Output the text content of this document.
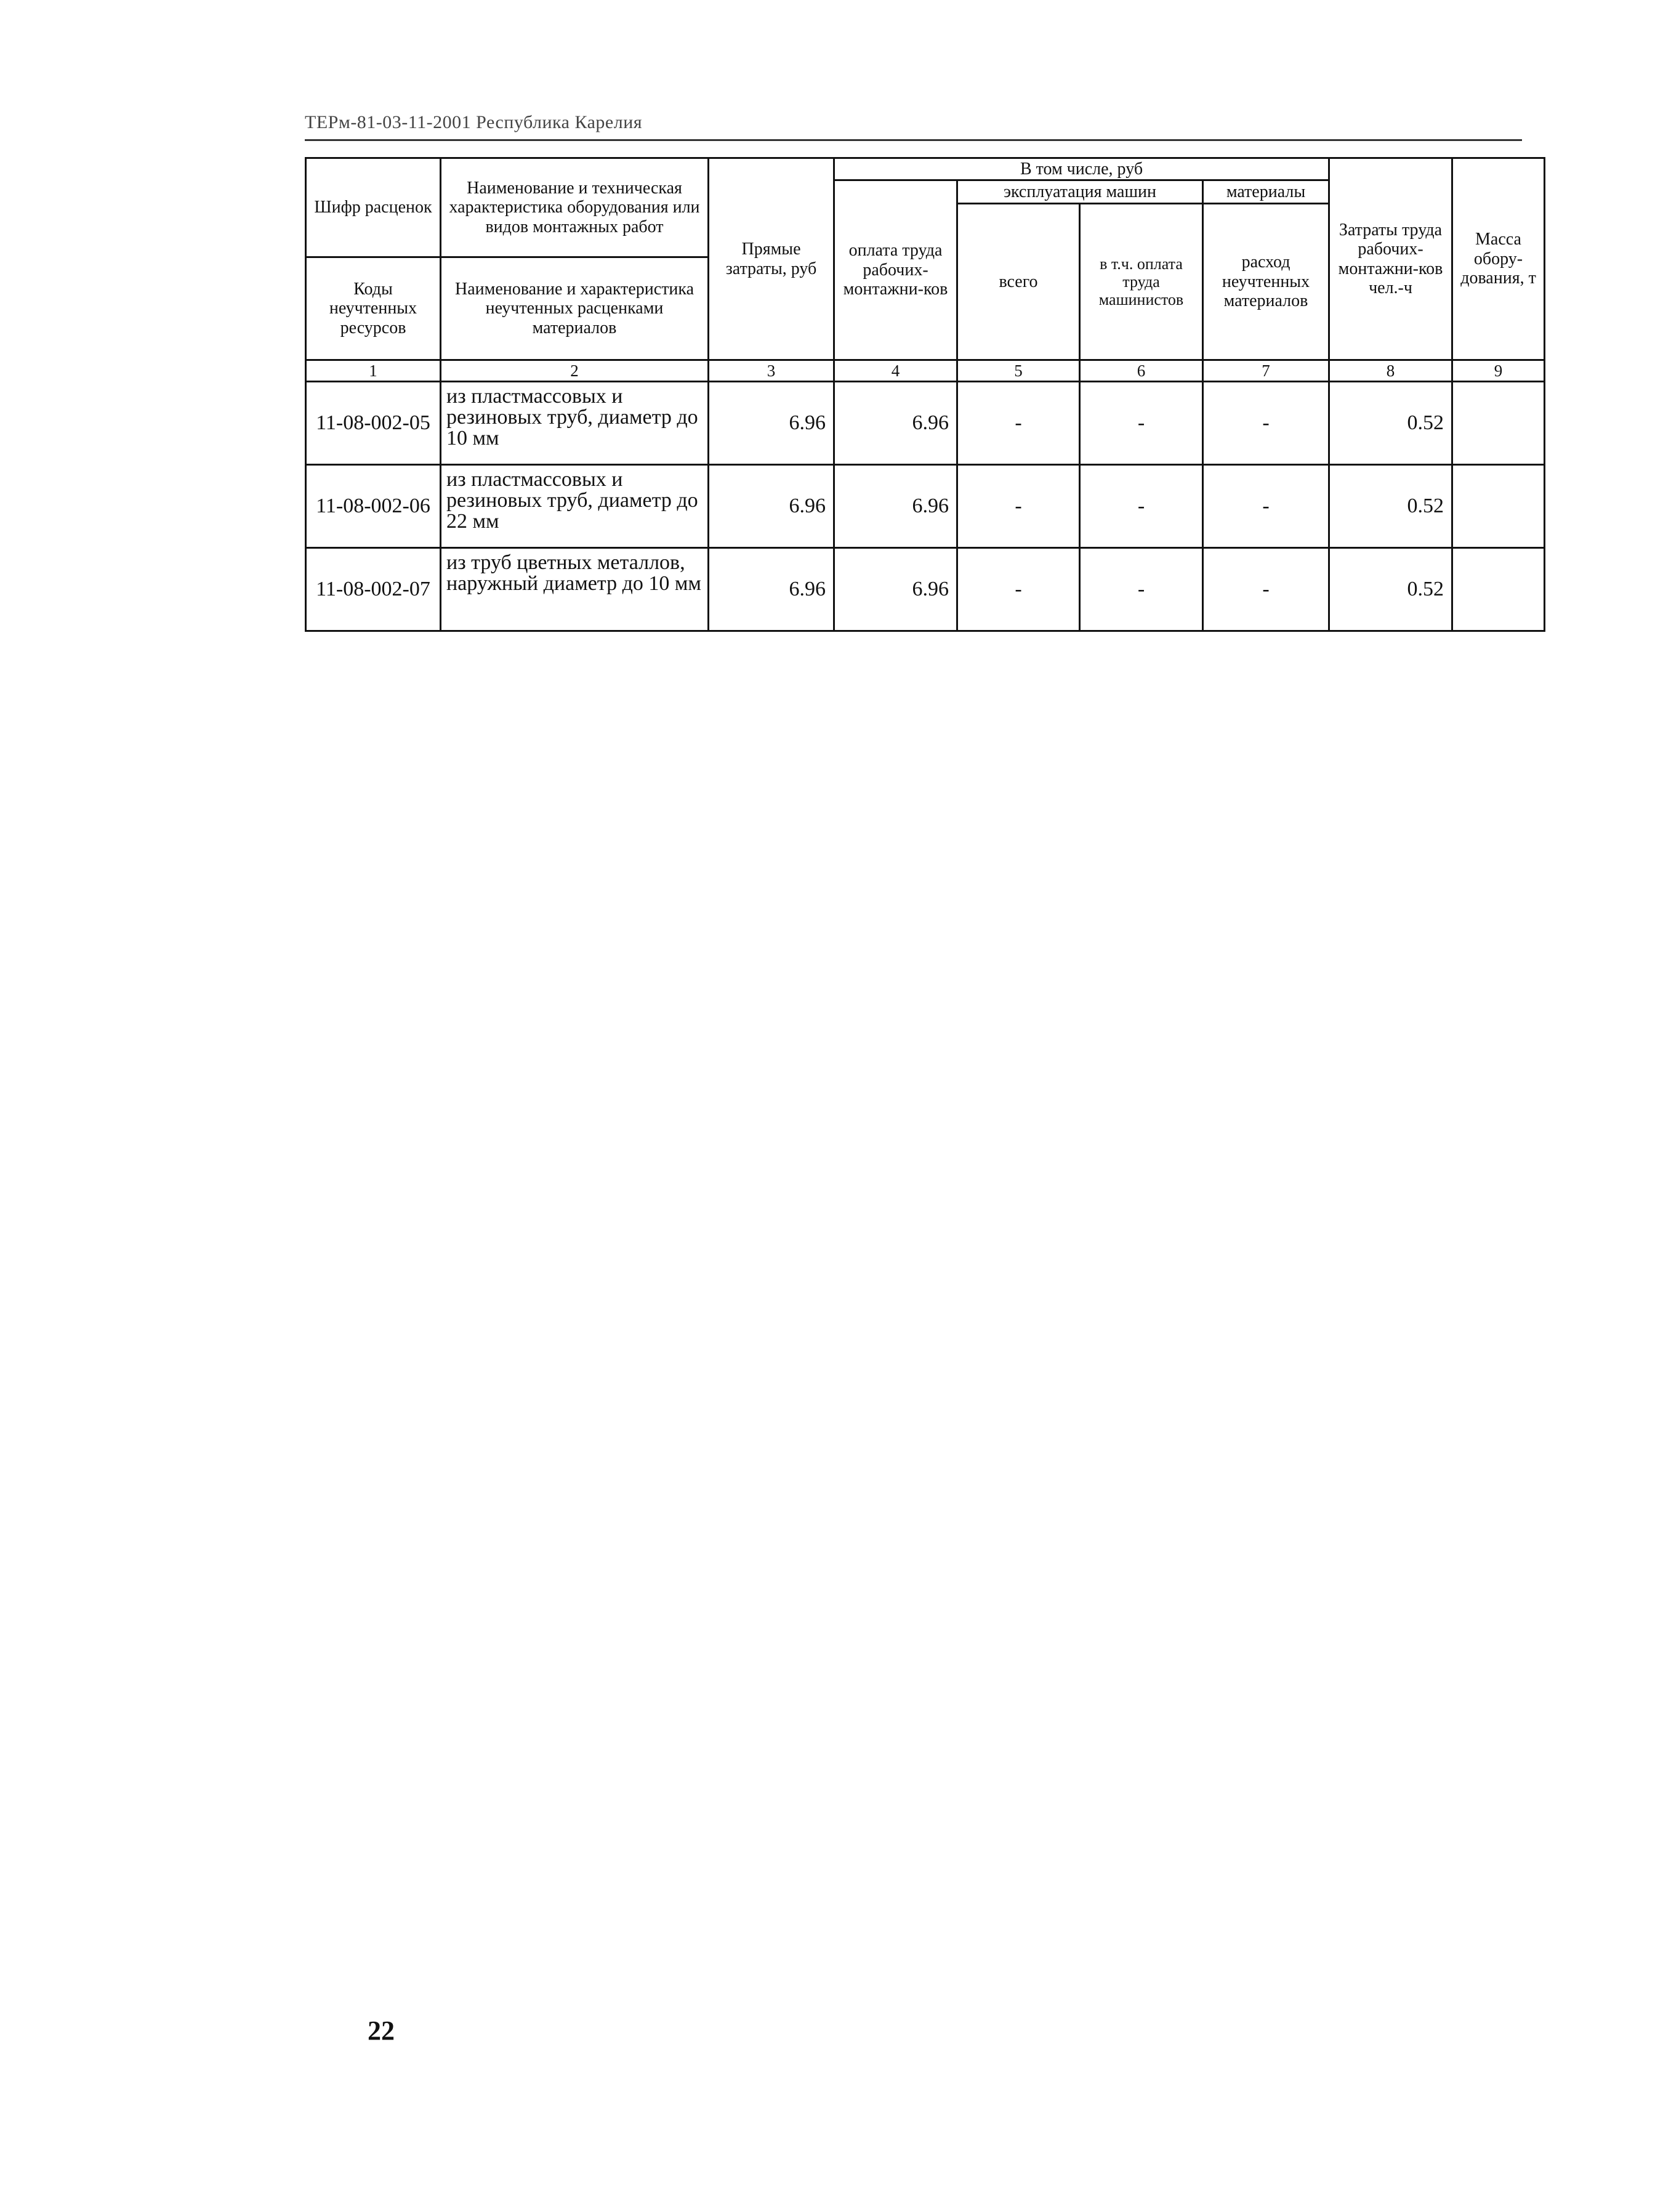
ТЕРм-81-03-11-2001 Республика Карелия
Шифр расценок	Наименование и техническая характеристика оборудования или видов монтажных работ	Прямые затраты, руб	В том числе, руб				Затраты труда рабочих-монтажни-ков чел.-ч	Масса обору-дования, т
			оплата труда рабочих-монтажни-ков	эксплуатация машин		материалы		
				всего	в т.ч. оплата труда машинистов	расход неучтенных материалов		
Коды неучтенных ресурсов	Наименование и характеристика неучтенных расценками материалов							

1	2	3	4	5	6	7	8	9
11-08-002-05	из пластмассовых и резиновых труб, диаметр до 10 мм	6.96	6.96	-	-	-	0.52	
11-08-002-06	из пластмассовых и резиновых труб, диаметр до 22 мм	6.96	6.96	-	-	-	0.52	
11-08-002-07	из труб цветных металлов, наружный диаметр до 10 мм	6.96	6.96	-	-	-	0.52	
22
